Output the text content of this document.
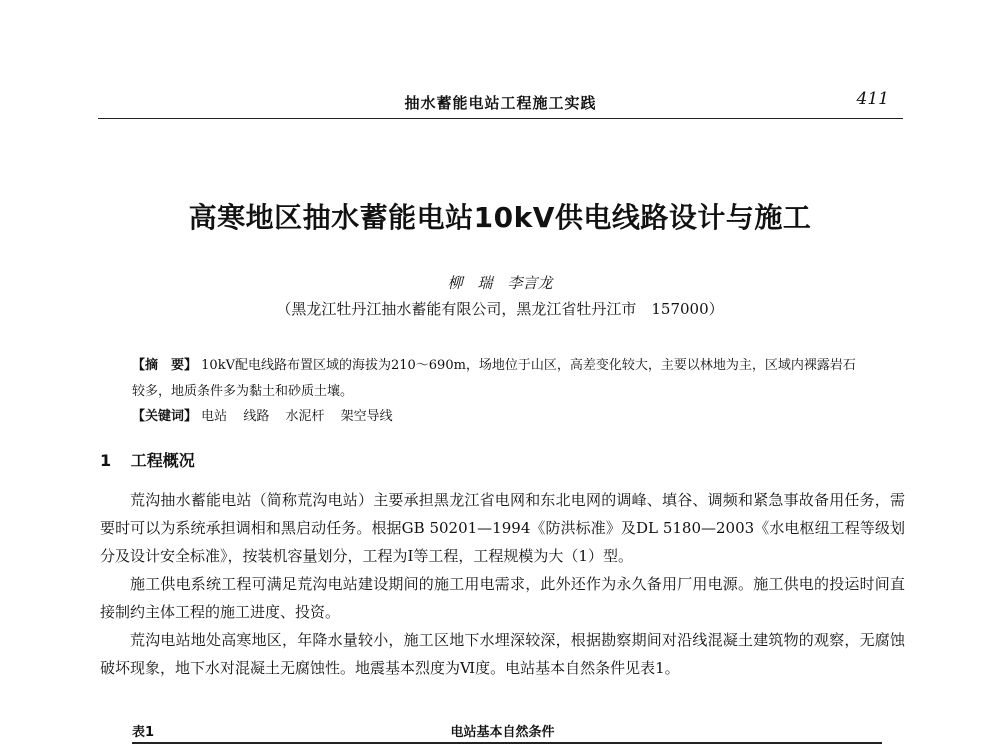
抽水蓄能电站工程施工实践	411
高寒地区抽水蓄能电站10kV供电线路设计与施工
柳　瑞　李言龙
（黑龙江牡丹江抽水蓄能有限公司，黑龙江省牡丹江市　157000）
【摘　要】 10kV配电线路布置区域的海拔为210～690m，场地位于山区，高差变化较大，主要以林地为主，区域内裸露岩石较多，地质条件多为黏土和砂质土壤。
【关键词】 电站 线路 水泥杆 架空导线
1 工程概况

荒沟抽水蓄能电站（简称荒沟电站）主要承担黑龙江省电网和东北电网的调峰、填谷、调频和紧急事故备用任务，需要时可以为系统承担调相和黑启动任务。根据GB 50201—1994《防洪标准》及DL 5180—2003《水电枢纽工程等级划分及设计安全标准》，按装机容量划分，工程为Ⅰ等工程，工程规模为大（1）型。

施工供电系统工程可满足荒沟电站建设期间的施工用电需求，此外还作为永久备用厂用电源。施工供电的投运时间直接制约主体工程的施工进度、投资。

荒沟电站地处高寒地区，年降水量较小，施工区地下水埋深较深，根据勘察期间对沿线混凝土建筑物的观察，无腐蚀破坏现象，地下水对混凝土无腐蚀性。地震基本烈度为Ⅵ度。电站基本自然条件见表1。

表1	电站基本自然条件
